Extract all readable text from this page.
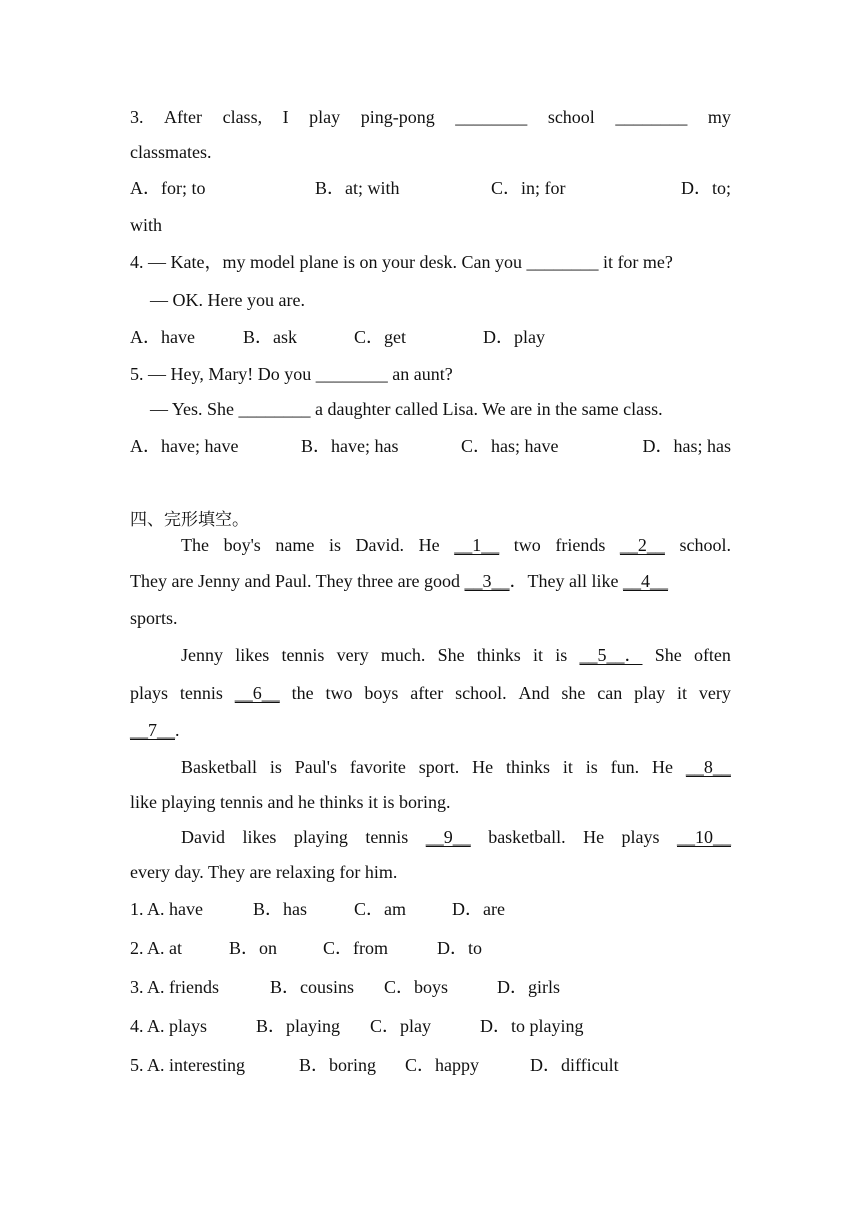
3. After class, I play ping-pong ________ school ________ my
classmates.
A．for; to	B．at; with	C．in; for	D．to;
with
4. — Kate，my model plane is on your desk. Can you ________ it for me?
— OK. Here you are.
A．have	B．ask	C．get	D．play
5. — Hey, Mary! Do you ________ an aunt?
— Yes. She ________ a daughter called Lisa. We are in the same class.
A．have; have	B．have; has	C．has; have	D．has; has
四、完形填空。
The boy's name is David. He __1__ two friends __2__ school.
They are Jenny and Paul. They three are good __3__．They all like __4__
sports.
Jenny likes tennis very much. She thinks it is __5__． She often
plays tennis __6__ the two boys after school. And she can play it very
__7__.
Basketball is Paul's favorite sport. He thinks it is fun. He __8__
like playing tennis and he thinks it is boring.
David likes playing tennis __9__ basketball. He plays __10__
every day. They are relaxing for him.
1. A. have	B．has	C．am	D．are
2. A. at	B．on	C．from	D．to
3. A. friends	B．cousins C．boys	D．girls
4. A. plays	B．playing C．play	D．to playing
5. A. interesting	B．boring C．happy	D．difficult
